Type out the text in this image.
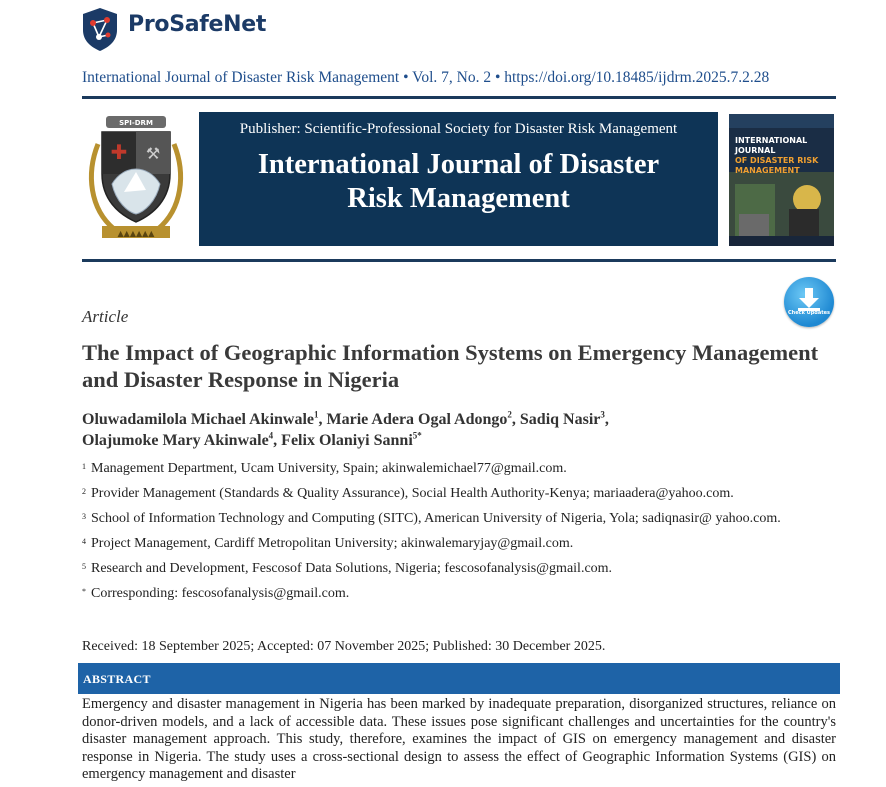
ProSafeNet
International Journal of Disaster Risk Management • Vol. 7, No. 2 • https://doi.org/10.18485/ijdrm.2025.7.2.28
SPI-DRM
✚ ⚒
▲▲▲▲▲▲
Publisher: Scientific-Professional Society for Disaster Risk Management
International Journal of Disaster Risk Management
INTERNATIONAL JOURNAL
OF DISASTER RISK MANAGEMENT
Check Updates
Article
The Impact of Geographic Information Systems on Emergency Management and Disaster Response in Nigeria
Oluwadamilola Michael Akinwale$^1$, Marie Adera Ogal Adongo$^2$, Sadiq Nasir$^3$,
Olajumoke Mary Akinwale$^4$, Felix Olaniyi Sanni$^{5*}$
1 Management Department, Ucam University, Spain; akinwalemichael77@gmail.com.
2 Provider Management (Standards & Quality Assurance), Social Health Authority-Kenya; mariaadera@yahoo.com.
3 School of Information Technology and Computing (SITC), American University of Nigeria, Yola; sadiqnasir@ yahoo.com.
4 Project Management, Cardiff Metropolitan University; akinwalemaryjay@gmail.com.
5 Research and Development, Fescosof Data Solutions, Nigeria; fescosofanalysis@gmail.com.
* Corresponding: fescosofanalysis@gmail.com.
Received: 18 September 2025; Accepted: 07 November 2025; Published: 30 December 2025.
ABSTRACT

Emergency and disaster management in Nigeria has been marked by inadequate preparation, disorganized structures, reliance on donor-driven models, and a lack of accessible data. These issues pose significant challenges and uncertainties for the country's disaster management approach. This study, therefore, examines the impact of GIS on emergency management and disaster response in Nigeria. The study uses a cross-sectional design to assess the effect of Geographic Information Systems (GIS) on emergency management and disaster
